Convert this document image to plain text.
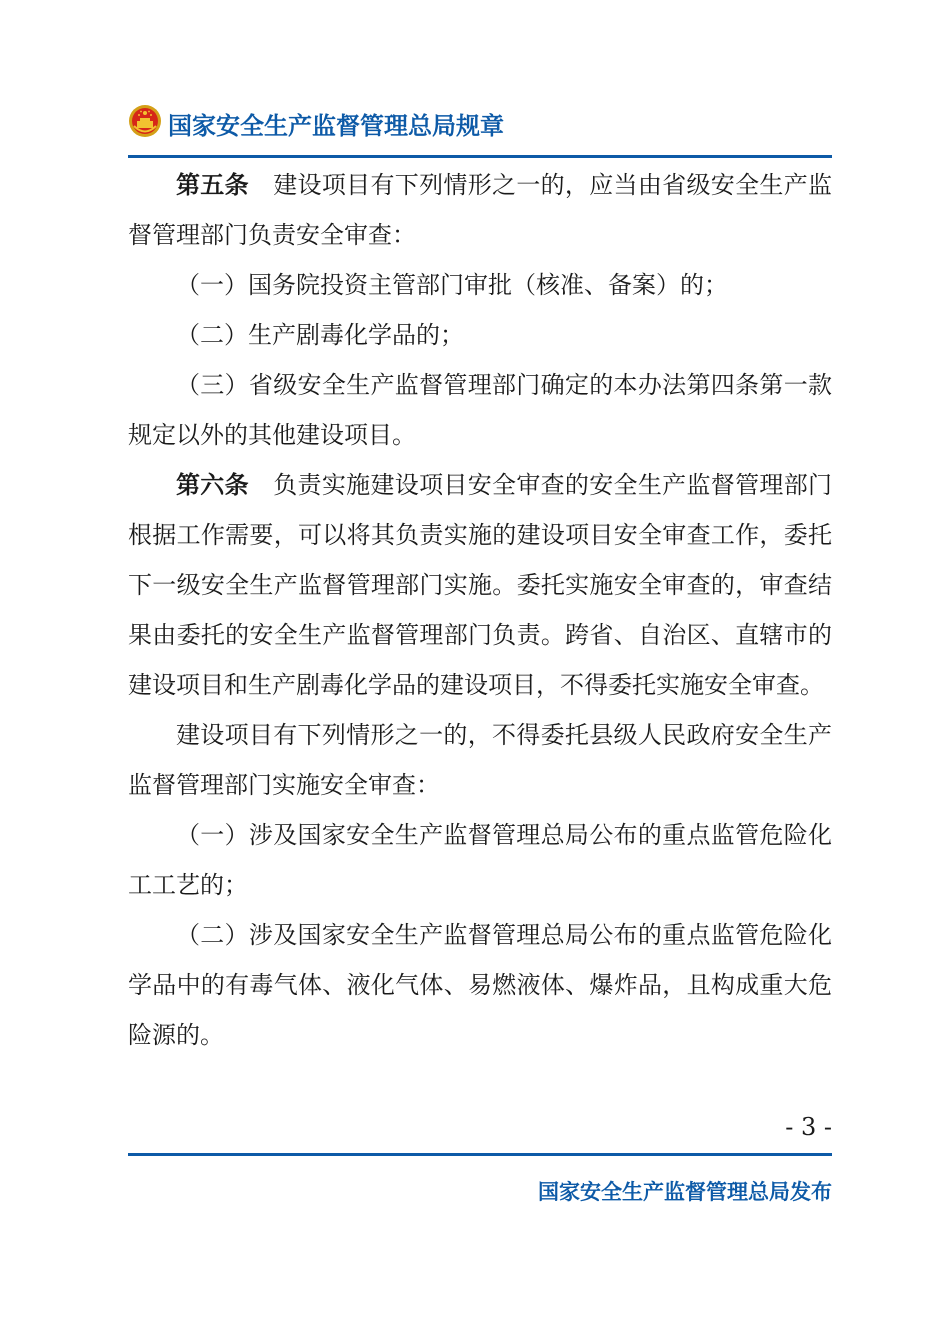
国家安全生产监督管理总局规章

第五条  建设项目有下列情形之一的，应当由省级安全生产监督管理部门负责安全审查：

（一）国务院投资主管部门审批（核准、备案）的；

（二）生产剧毒化学品的；

（三）省级安全生产监督管理部门确定的本办法第四条第一款规定以外的其他建设项目。

第六条  负责实施建设项目安全审查的安全生产监督管理部门根据工作需要，可以将其负责实施的建设项目安全审查工作，委托下一级安全生产监督管理部门实施。委托实施安全审查的，审查结果由委托的安全生产监督管理部门负责。跨省、自治区、直辖市的建设项目和生产剧毒化学品的建设项目，不得委托实施安全审查。

建设项目有下列情形之一的，不得委托县级人民政府安全生产监督管理部门实施安全审查：

（一）涉及国家安全生产监督管理总局公布的重点监管危险化工工艺的；

（二）涉及国家安全生产监督管理总局公布的重点监管危险化学品中的有毒气体、液化气体、易燃液体、爆炸品，且构成重大危险源的。

- 3 -
国家安全生产监督管理总局发布
